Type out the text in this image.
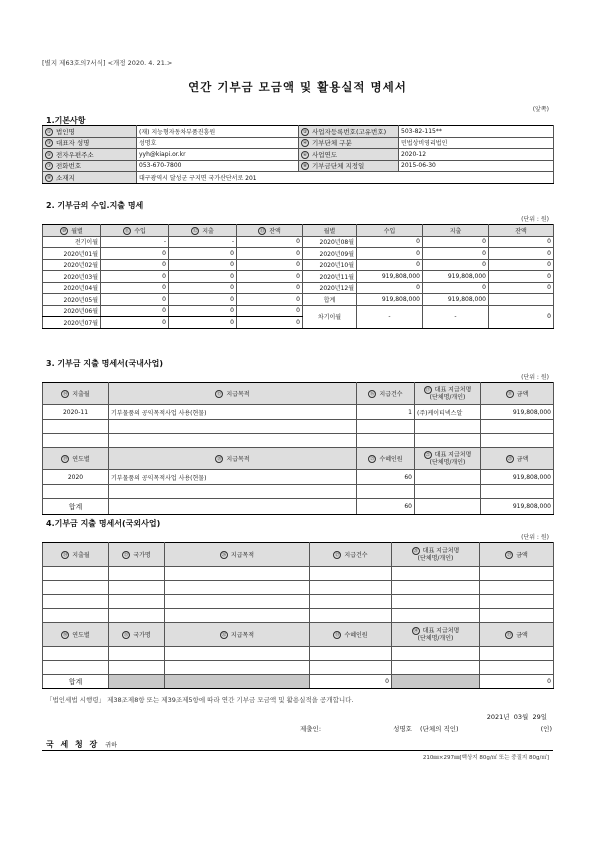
[별지 제63호의7서식] <개정 2020. 4. 21.>
연간 기부금 모금액 및 활용실적 명세서
(앞쪽)
1.기본사항
① 법인명	(재) 지능형자동차부품진흥원	② 사업자등록번호(고유번호)	503-82-115**
③ 대표자 성명	성명호	④ 기부단체 구분	민법상비영리법인
⑤ 전자우편주소	yyh@kiapi.or.kr	⑥ 사업연도	2020-12
⑦ 전화번호	053-670-7800	⑧ 기부금단체 지정일	2015-06-30
⑨ 소재지	대구광역시 달성군 구지면 국가산단서로 201		
2. 기부금의 수입.지출 명세
(단위 : 원)
⑩ 월별	⑪ 수입	⑫ 지출	⑬ 잔액	월별	수입	지출	잔액
전기이월	-	-	0	2020년08월	0	0	0
2020년01월	0	0	0	2020년09월	0	0	0
2020년02월	0	0	0	2020년10월	0	0	0
2020년03월	0	0	0	2020년11월	919,808,000	919,808,000	0
2020년04월	0	0	0	2020년12월	0	0	0
2020년05월	0	0	0	합계	919,808,000	919,808,000	
2020년06월	0	0	0	차기이월	-	-	0
2020년07월	0	0	0				
3. 기부금 지출 명세서(국내사업)
(단위 : 원)
⑭ 지출월	⑮ 지급목적	⑯ 지급건수	⑰ 대표 지급처명
(단체명/개인)	⑱ 금액
2020-11	기부물품의 공익목적사업 사용(현물)	1	(주)케이티넥스알	919,808,000

⑲ 연도별	⑳ 지급목적	㉑ 수혜인원	㉒ 대표 지급처명
(단체명/개인)	㉓ 금액
2020	기부물품의 공익목적사업 사용(현물)	60		919,808,000

합계		60		919,808,000
4.기부금 지출 명세서(국외사업)
(단위 : 원)
㉔ 지출월	㉕ 국가명	㉖ 지급목적	㉗ 지급건수	㉘ 대표 지급처명
(단체명/개인)	㉙ 금액

㉚ 연도별	㉛ 국가명	㉜ 지급목적	㉝ 수혜인원	㉞ 대표 지급처명
(단체명/개인)	㉟ 금액

합계			0		0
「법인세법 시행령」 제38조제8항 또는 제39조제5항에 따라 연간 기부금 모금액 및 활용실적을 공개합니다.
2021년 03월 29일
제출인:	성명호 (단체의 직인)	(인)
국 세 청 장 귀하
210㎜×297㎜[백상지 80g/㎡ 또는 중질지 80g/㎡]
